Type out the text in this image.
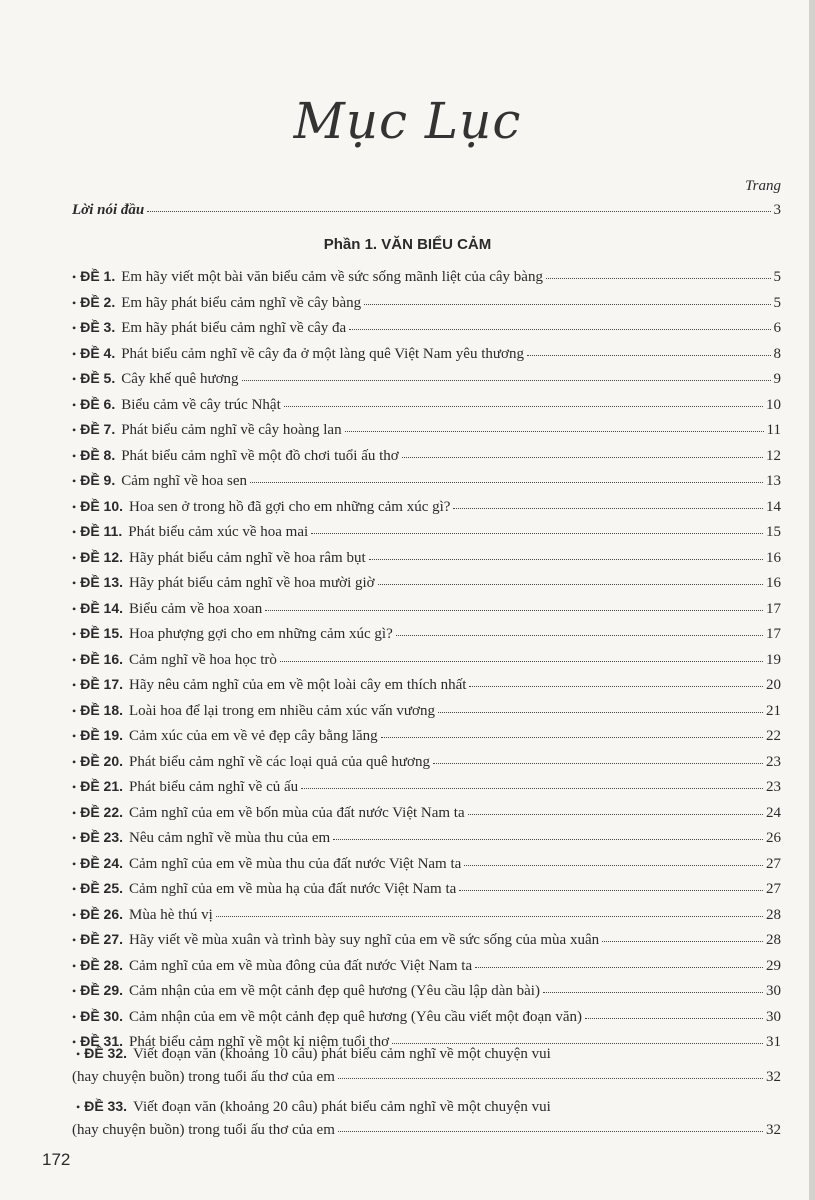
Mục Lục
Trang
Lời nói đầu	3
Phần 1. VĂN BIỂU CẢM
• ĐỀ 1. Em hãy viết một bài văn biểu cảm về sức sống mãnh liệt của cây bàng	5
• ĐỀ 2. Em hãy phát biểu cảm nghĩ về cây bàng	5
• ĐỀ 3. Em hãy phát biểu cảm nghĩ về cây đa	6
• ĐỀ 4. Phát biểu cảm nghĩ về cây đa ở một làng quê Việt Nam yêu thương	8
• ĐỀ 5. Cây khế quê hương	9
• ĐỀ 6. Biểu cảm về cây trúc Nhật	10
• ĐỀ 7. Phát biểu cảm nghĩ về cây hoàng lan	11
• ĐỀ 8. Phát biểu cảm nghĩ về một đồ chơi tuổi ấu thơ	12
• ĐỀ 9. Cảm nghĩ về hoa sen	13
• ĐỀ 10. Hoa sen ở trong hồ đã gợi cho em những cảm xúc gì?	14
• ĐỀ 11. Phát biểu cảm xúc về hoa mai	15
• ĐỀ 12. Hãy phát biểu cảm nghĩ về hoa râm bụt	16
• ĐỀ 13. Hãy phát biểu cảm nghĩ về hoa mười giờ	16
• ĐỀ 14. Biểu cảm về hoa xoan	17
• ĐỀ 15. Hoa phượng gợi cho em những cảm xúc gì?	17
• ĐỀ 16. Cảm nghĩ về hoa học trò	19
• ĐỀ 17. Hãy nêu cảm nghĩ của em về một loài cây em thích nhất	20
• ĐỀ 18. Loài hoa để lại trong em nhiều cảm xúc vấn vương	21
• ĐỀ 19. Cảm xúc của em về vẻ đẹp cây bằng lăng	22
• ĐỀ 20. Phát biểu cảm nghĩ về các loại quả của quê hương	23
• ĐỀ 21. Phát biểu cảm nghĩ về củ ấu	23
• ĐỀ 22. Cảm nghĩ của em về bốn mùa của đất nước Việt Nam ta	24
• ĐỀ 23. Nêu cảm nghĩ về mùa thu của em	26
• ĐỀ 24. Cảm nghĩ của em về mùa thu của đất nước Việt Nam ta	27
• ĐỀ 25. Cảm nghĩ của em về mùa hạ của đất nước Việt Nam ta	27
• ĐỀ 26. Mùa hè thú vị	28
• ĐỀ 27. Hãy viết về mùa xuân và trình bày suy nghĩ của em về sức sống của mùa xuân	28
• ĐỀ 28. Cảm nghĩ của em về mùa đông của đất nước Việt Nam ta	29
• ĐỀ 29. Cảm nhận của em về một cảnh đẹp quê hương (Yêu cầu lập dàn bài)	30
• ĐỀ 30. Cảm nhận của em về một cảnh đẹp quê hương (Yêu cầu viết một đoạn văn)	30
• ĐỀ 31. Phát biểu cảm nghĩ về một kỉ niệm tuổi thơ	31
• ĐỀ 32. Viết đoạn văn (khoảng 10 câu) phát biểu cảm nghĩ về một chuyện vui
(hay chuyện buồn) trong tuổi ấu thơ của em	32
• ĐỀ 33. Viết đoạn văn (khoảng 20 câu) phát biểu cảm nghĩ về một chuyện vui
(hay chuyện buồn) trong tuổi ấu thơ của em	32
172
